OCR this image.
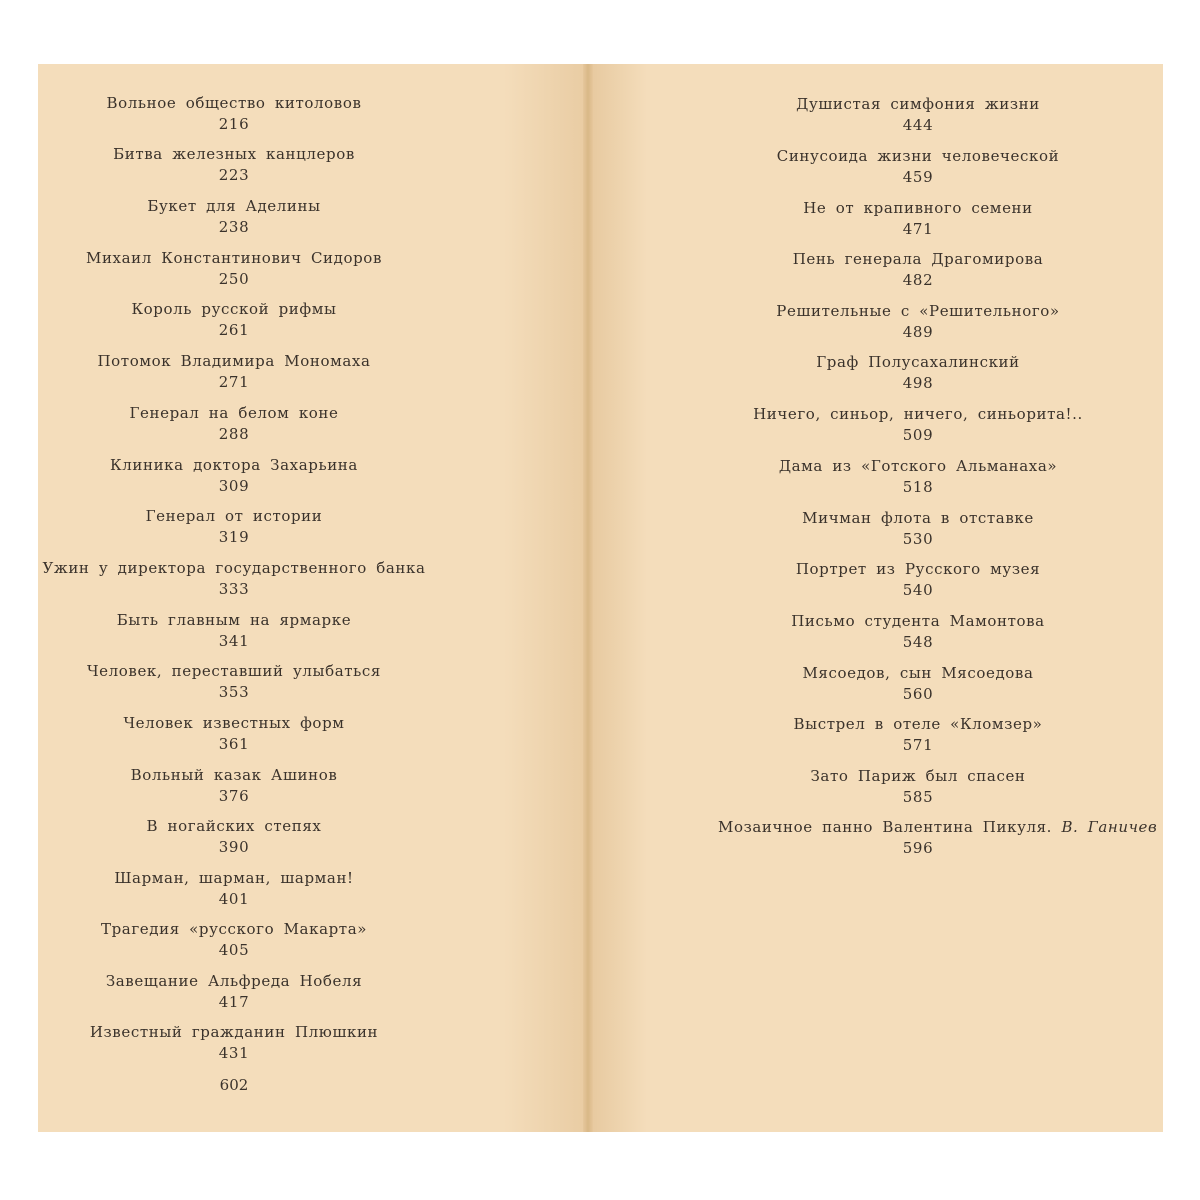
Вольное общество китоловов
216
Битва железных канцлеров
223
Букет для Аделины
238
Михаил Константинович Сидоров
250
Король русской рифмы
261
Потомок Владимира Мономаха
271
Генерал на белом коне
288
Клиника доктора Захарьина
309
Генерал от истории
319
Ужин у директора государственного банка
333
Быть главным на ярмарке
341
Человек, переставший улыбаться
353
Человек известных форм
361
Вольный казак Ашинов
376
В ногайских степях
390
Шарман, шарман, шарман!
401
Трагедия «русского Макарта»
405
Завещание Альфреда Нобеля
417
Известный гражданин Плюшкин
431
602
Душистая симфония жизни
444
Синусоида жизни человеческой
459
Не от крапивного семени
471
Пень генерала Драгомирова
482
Решительные с «Решительного»
489
Граф Полусахалинский
498
Ничего, синьор, ничего, синьорита!..
509
Дама из «Готского Альманаха»
518
Мичман флота в отставке
530
Портрет из Русского музея
540
Письмо студента Мамонтова
548
Мясоедов, сын Мясоедова
560
Выстрел в отеле «Кломзер»
571
Зато Париж был спасен
585
Мозаичное панно Валентина Пикуля. В. Ганичев
596
